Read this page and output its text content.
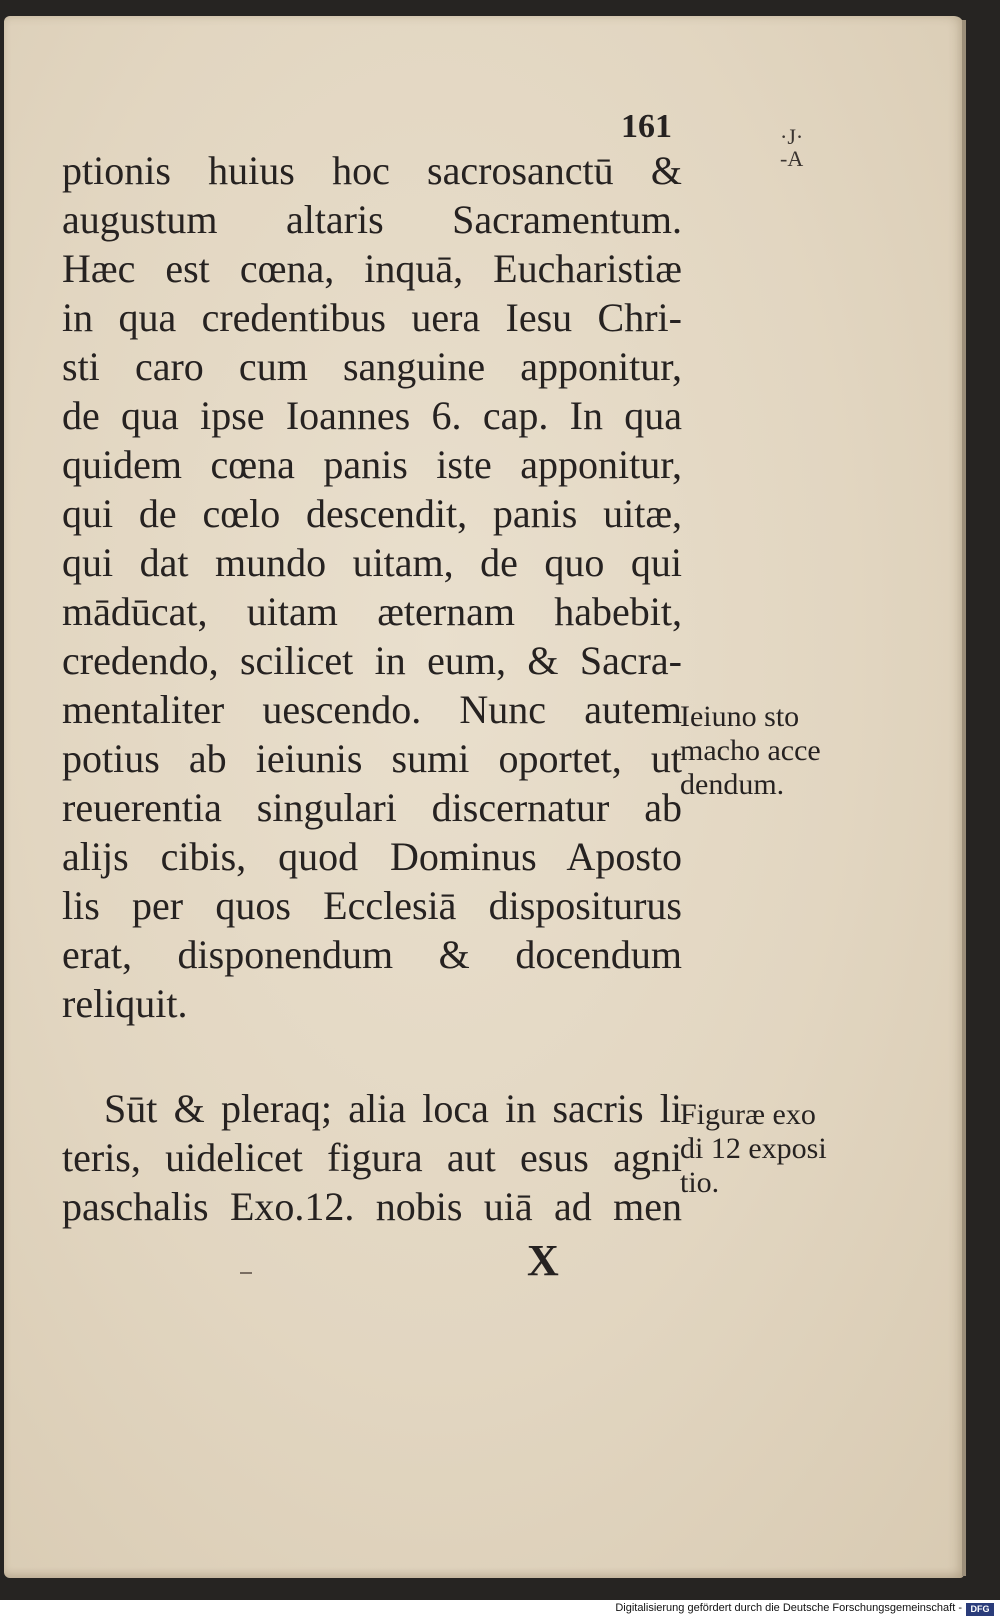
161	·J·
-A
ptionis huius hoc sacrosanctū &
augustum altaris Sacramentum.
Hæc est cœna, inquā, Eucharistiæ
in qua credentibus uera Iesu Chri-
sti caro cum sanguine apponitur,
de qua ipse Ioannes 6. cap. In qua
quidem cœna panis iste apponitur,
qui de cœlo descendit, panis uitæ,
qui dat mundo uitam, de quo qui
mādūcat, uitam æternam habebit,
credendo, scilicet in eum, & Sacra-
mentaliter uescendo. Nunc autem
potius ab ieiunis sumi oportet, ut
reuerentia singulari discernatur ab
alijs cibis, quod Dominus Aposto
lis per quos Ecclesiā dispositurus
erat, disponendum & docendum
reliquit.
Ieiuno sto
macho acce
dendum.
Sūt & pleraq; alia loca in sacris li
teris, uidelicet figura aut esus agni
paschalis Exo.12. nobis uiā ad men
Figuræ exo
di 12 exposi
tio.
X
Digitalisierung gefördert durch die Deutsche Forschungsgemeinschaft - DFG
